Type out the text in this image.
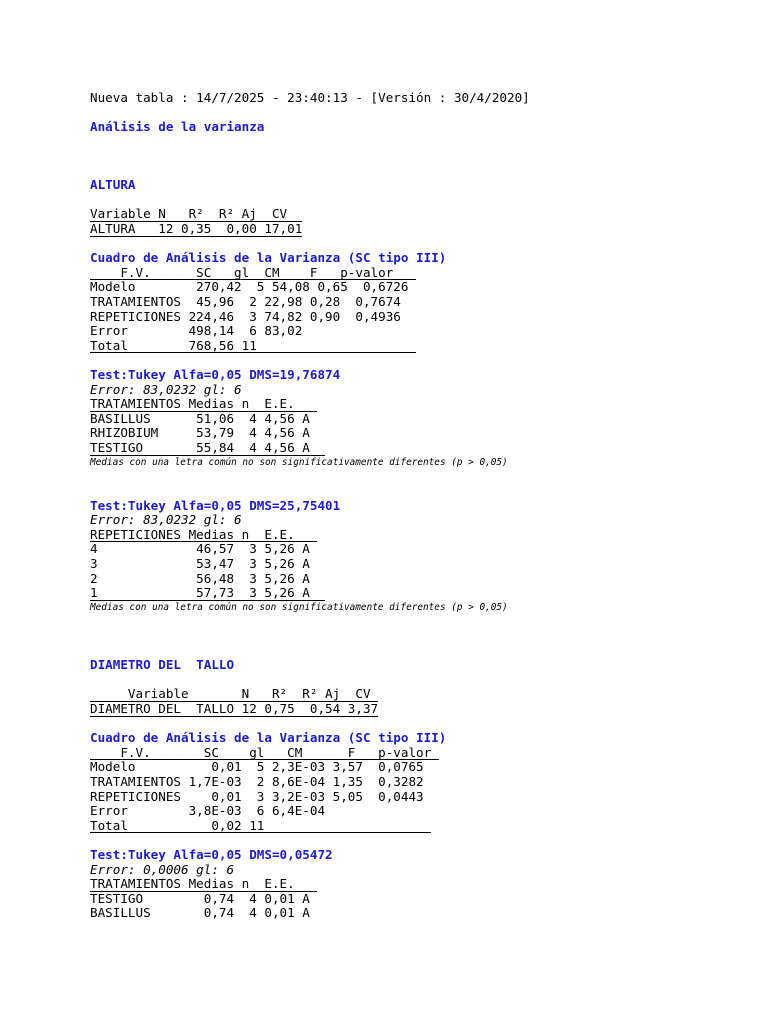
Nueva tabla : 14/7/2025 - 23:40:13 - [Versión : 30/4/2020]
Análisis de la varianza
ALTURA
Variable N   R²  R² Aj  CV
ALTURA   12 0,35  0,00 17,01
Cuadro de Análisis de la Varianza (SC tipo III)
F.V.      SC   gl  CM    F   p-valor
Modelo        270,42  5 54,08 0,65  0,6726
TRATAMIENTOS  45,96  2 22,98 0,28  0,7674
REPETICIONES 224,46  3 74,82 0,90  0,4936
Error        498,14  6 83,02
Total        768,56 11
Test:Tukey Alfa=0,05 DMS=19,76874
Error: 83,0232 gl: 6
TRATAMIENTOS Medias n  E.E.
BASILLUS      51,06  4 4,56 A
RHIZOBIUM     53,79  4 4,56 A
TESTIGO       55,84  4 4,56 A
Medias con una letra común no son significativamente diferentes (p > 0,05)
Test:Tukey Alfa=0,05 DMS=25,75401
Error: 83,0232 gl: 6
REPETICIONES Medias n  E.E.
4             46,57  3 5,26 A
3             53,47  3 5,26 A
2             56,48  3 5,26 A
1             57,73  3 5,26 A
Medias con una letra común no son significativamente diferentes (p > 0,05)
DIAMETRO DEL  TALLO
Variable       N   R²  R² Aj  CV
DIAMETRO DEL  TALLO 12 0,75  0,54 3,37
Cuadro de Análisis de la Varianza (SC tipo III)
F.V.       SC    gl   CM      F   p-valor
Modelo          0,01  5 2,3E-03 3,57  0,0765
TRATAMIENTOS 1,7E-03  2 8,6E-04 1,35  0,3282
REPETICIONES    0,01  3 3,2E-03 5,05  0,0443
Error        3,8E-03  6 6,4E-04
Total           0,02 11
Test:Tukey Alfa=0,05 DMS=0,05472
Error: 0,0006 gl: 6
TRATAMIENTOS Medias n  E.E.
TESTIGO        0,74  4 0,01 A
BASILLUS       0,74  4 0,01 A
